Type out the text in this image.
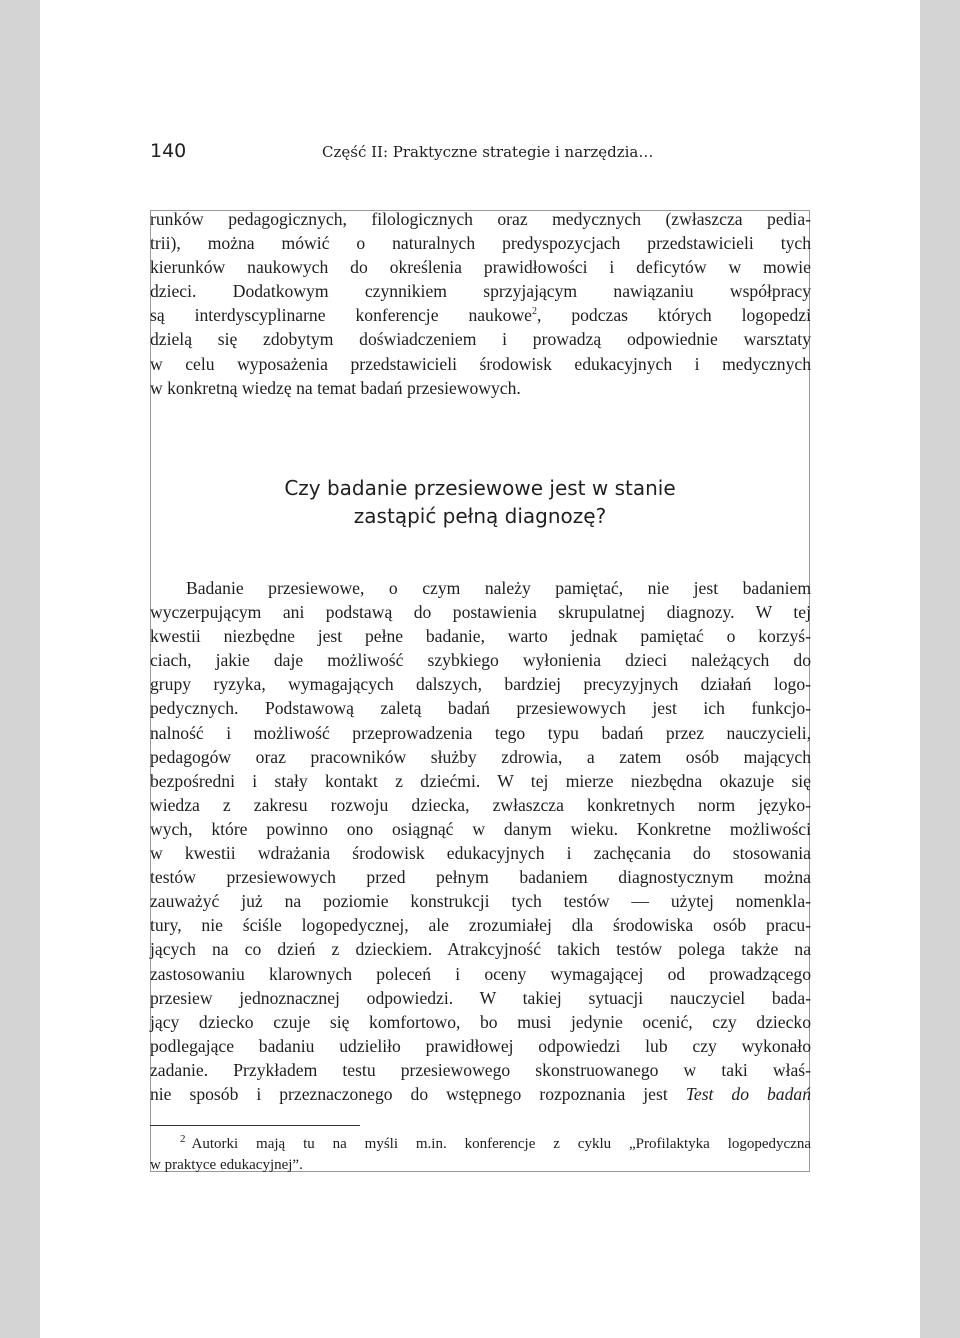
140	Część II: Praktyczne strategie i narzędzia…

runków pedagogicznych, filologicznych oraz medycznych (zwłaszcza pedia-
trii), można mówić o naturalnych predyspozycjach przedstawicieli tych
kierunków naukowych do określenia prawidłowości i deficytów w mowie
dzieci. Dodatkowym czynnikiem sprzyjającym nawiązaniu współpracy
są interdyscyplinarne konferencje naukowe$^2$, podczas których logopedzi
dzielą się zdobytym doświadczeniem i prowadzą odpowiednie warsztaty
w celu wyposażenia przedstawicieli środowisk edukacyjnych i medycznych
w konkretną wiedzę na temat badań przesiewowych.

Czy badanie przesiewowe jest w stanie
zastąpić pełną diagnozę?

Badanie przesiewowe, o czym należy pamiętać, nie jest badaniem
wyczerpującym ani podstawą do postawienia skrupulatnej diagnozy. W tej
kwestii niezbędne jest pełne badanie, warto jednak pamiętać o korzyś-
ciach, jakie daje możliwość szybkiego wyłonienia dzieci należących do
grupy ryzyka, wymagających dalszych, bardziej precyzyjnych działań logo-
pedycznych. Podstawową zaletą badań przesiewowych jest ich funkcjo-
nalność i możliwość przeprowadzenia tego typu badań przez nauczycieli,
pedagogów oraz pracowników służby zdrowia, a zatem osób mających
bezpośredni i stały kontakt z dziećmi. W tej mierze niezbędna okazuje się
wiedza z zakresu rozwoju dziecka, zwłaszcza konkretnych norm języko-
wych, które powinno ono osiągnąć w danym wieku. Konkretne możliwości
w kwestii wdrażania środowisk edukacyjnych i zachęcania do stosowania
testów przesiewowych przed pełnym badaniem diagnostycznym można
zauważyć już na poziomie konstrukcji tych testów — użytej nomenkla-
tury, nie ściśle logopedycznej, ale zrozumiałej dla środowiska osób pracu-
jących na co dzień z dzieckiem. Atrakcyjność takich testów polega także na
zastosowaniu klarownych poleceń i oceny wymagającej od prowadzącego
przesiew jednoznacznej odpowiedzi. W takiej sytuacji nauczyciel bada-
jący dziecko czuje się komfortowo, bo musi jedynie ocenić, czy dziecko
podlegające badaniu udzieliło prawidłowej odpowiedzi lub czy wykonało
zadanie. Przykładem testu przesiewowego skonstruowanego w taki właś-
nie sposób i przeznaczonego do wstępnego rozpoznania jest Test do badań

$^2$ Autorki mają tu na myśli m.in. konferencje z cyklu „Profilaktyka logopedyczna
w praktyce edukacyjnej”.
